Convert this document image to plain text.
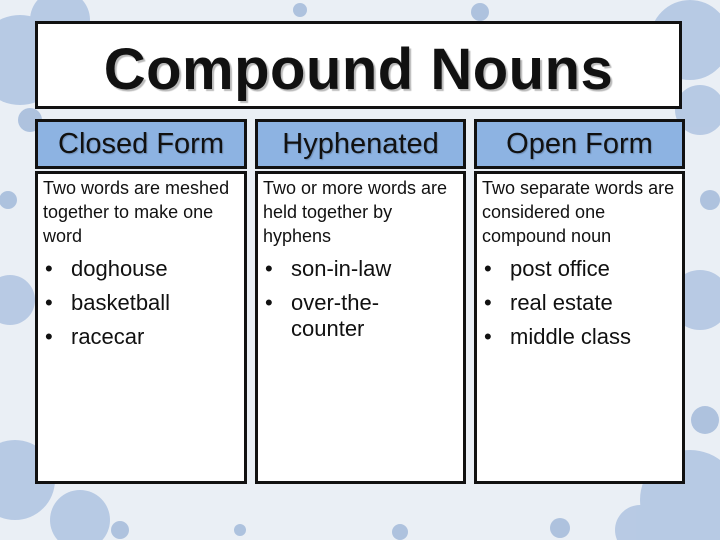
Compound Nouns
Closed Form

Two words are meshed together to make one word

• doghouse
• basketball
• racecar
Hyphenated

Two or more words are held together by hyphens

• son-in-law
• over-the-counter
Open Form

Two separate words are considered one compound noun

• post office
• real estate
• middle class
